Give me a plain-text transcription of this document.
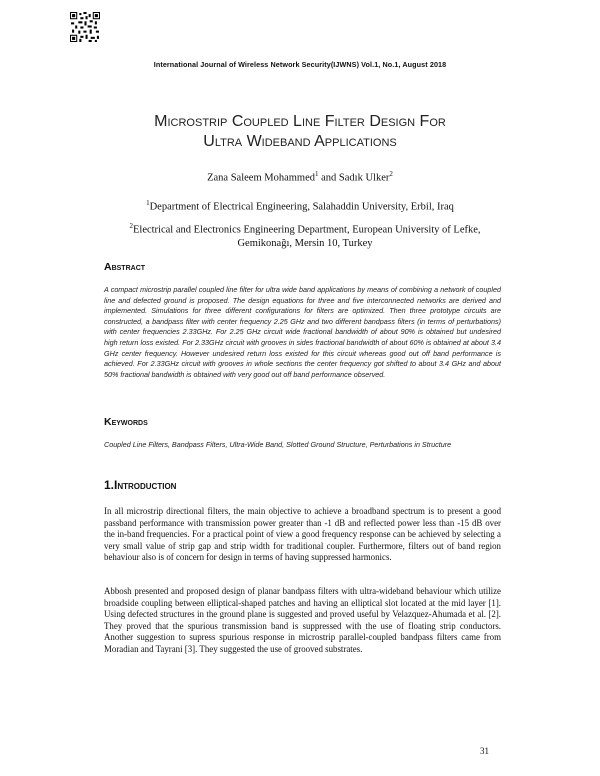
International Journal of Wireless Network Security(IJWNS) Vol.1, No.1, August 2018
Microstrip Coupled Line Filter Design For
Ultra Wideband Applications
Zana Saleem Mohammed$^1$ and Sadık Ulker$^2$
$^1$Department of Electrical Engineering, Salahaddin University, Erbil, Iraq
$^2$Electrical and Electronics Engineering Department, European University of Lefke, Gemikonağı, Mersin 10, Turkey
Abstract
A compact microstrip parallel coupled line filter for ultra wide band applications by means of combining a network of coupled line and defected ground is proposed. The design equations for three and five interconnected networks are derived and implemented. Simulations for three different configurations for filters are optimized. Then three prototype circuits are constructed, a bandpass filter with center frequency 2.25 GHz and two different bandpass filters (in terms of perturbations) with center frequencies 2.33GHz. For 2.25 GHz circuit wide fractional bandwidth of about 90% is obtained but undesired high return loss existed. For 2.33GHz circuit with grooves in sides fractional bandwidth of about 60% is obtained at about 3.4 GHz center frequency. However undesired return loss existed for this circuit whereas good out off band performance is achieved. For 2.33GHz circuit with grooves in whole sections the center frequency got shifted to about 3.4 GHz and about 50% fractional bandwidth is obtained with very good out off band performance observed.
Keywords
Coupled Line Filters, Bandpass Filters, Ultra-Wide Band, Slotted Ground Structure, Perturbations in Structure
1.Introduction
In all microstrip directional filters, the main objective to achieve a broadband spectrum is to present a good passband performance with transmission power greater than -1 dB and reflected power less than -15 dB over the in-band frequencies. For a practical point of view a good frequency response can be achieved by selecting a very small value of strip gap and strip width for traditional coupler. Furthermore, filters out of band region behaviour also is of concern for design in terms of having suppressed harmonics.
Abbosh presented and proposed design of planar bandpass filters with ultra-wideband behaviour which utilize broadside coupling between elliptical-shaped patches and having an elliptical slot located at the mid layer [1]. Using defected structures in the ground plane is suggested and proved useful by Velazquez-Ahumada et al. [2]. They proved that the spurious transmission band is suppressed with the use of floating strip conductors. Another suggestion to supress spurious response in microstrip parallel-coupled bandpass filters came from Moradian and Tayrani [3]. They suggested the use of grooved substrates.
31
